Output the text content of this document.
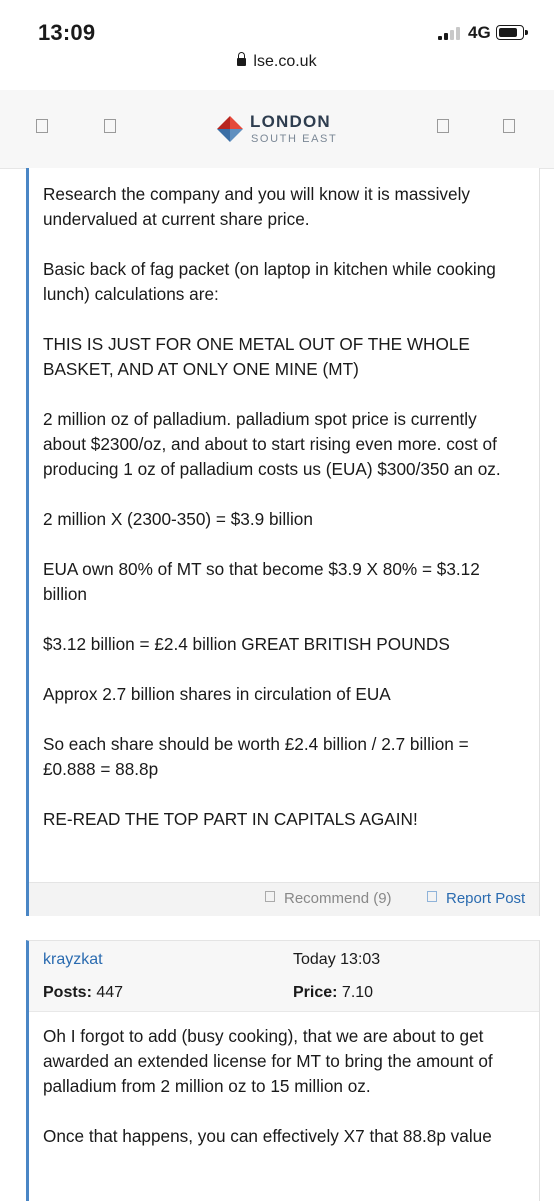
13:09	4G
lse.co.uk
LONDON
SOUTH EAST

Research the company and you will know it is massively undervalued at current share price.

Basic back of fag packet (on laptop in kitchen while cooking lunch) calculations are:

THIS IS JUST FOR ONE METAL OUT OF THE WHOLE BASKET, AND AT ONLY ONE MINE (MT)

2 million oz of palladium. palladium spot price is currently about $2300/oz, and about to start rising even more. cost of producing 1 oz of palladium costs us (EUA) $300/350 an oz.

2 million X (2300-350) = $3.9 billion

EUA own 80% of MT so that become $3.9 X 80% = $3.12 billion

$3.12 billion = £2.4 billion GREAT BRITISH POUNDS

Approx 2.7 billion shares in circulation of EUA

So each share should be worth £2.4 billion / 2.7 billion = £0.888 = 88.8p

RE-READ THE TOP PART IN CAPITALS AGAIN!

Recommend (9)	Report Post
krayzkat	Today 13:03
Posts: 447	Price: 7.10

Oh I forgot to add (busy cooking), that we are about to get awarded an extended license for MT to bring the amount of palladium from 2 million oz to 15 million oz.

Once that happens, you can effectively X7 that 88.8p value
